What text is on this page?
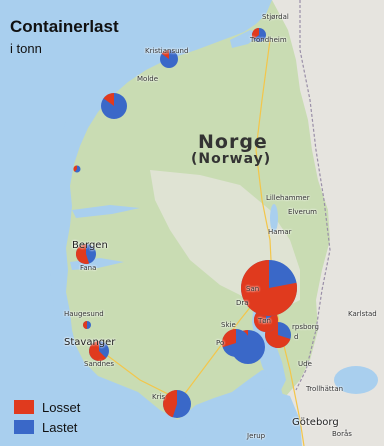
Containerlast
i tonn
Norge
(Norway)
Stjørdal
Trondheim
Kristiansund
Molde
Lillehammer
Elverum
Hamar
Bergen
Fana
Haugesund
Stavanger
Sandnes
San
Dra
Skie
Po
Tøn
rpsborg
d
Kris
Karlstad
Trollhättan
Göteborg
Borås
Jerup
Ude
Losset
Lastet
